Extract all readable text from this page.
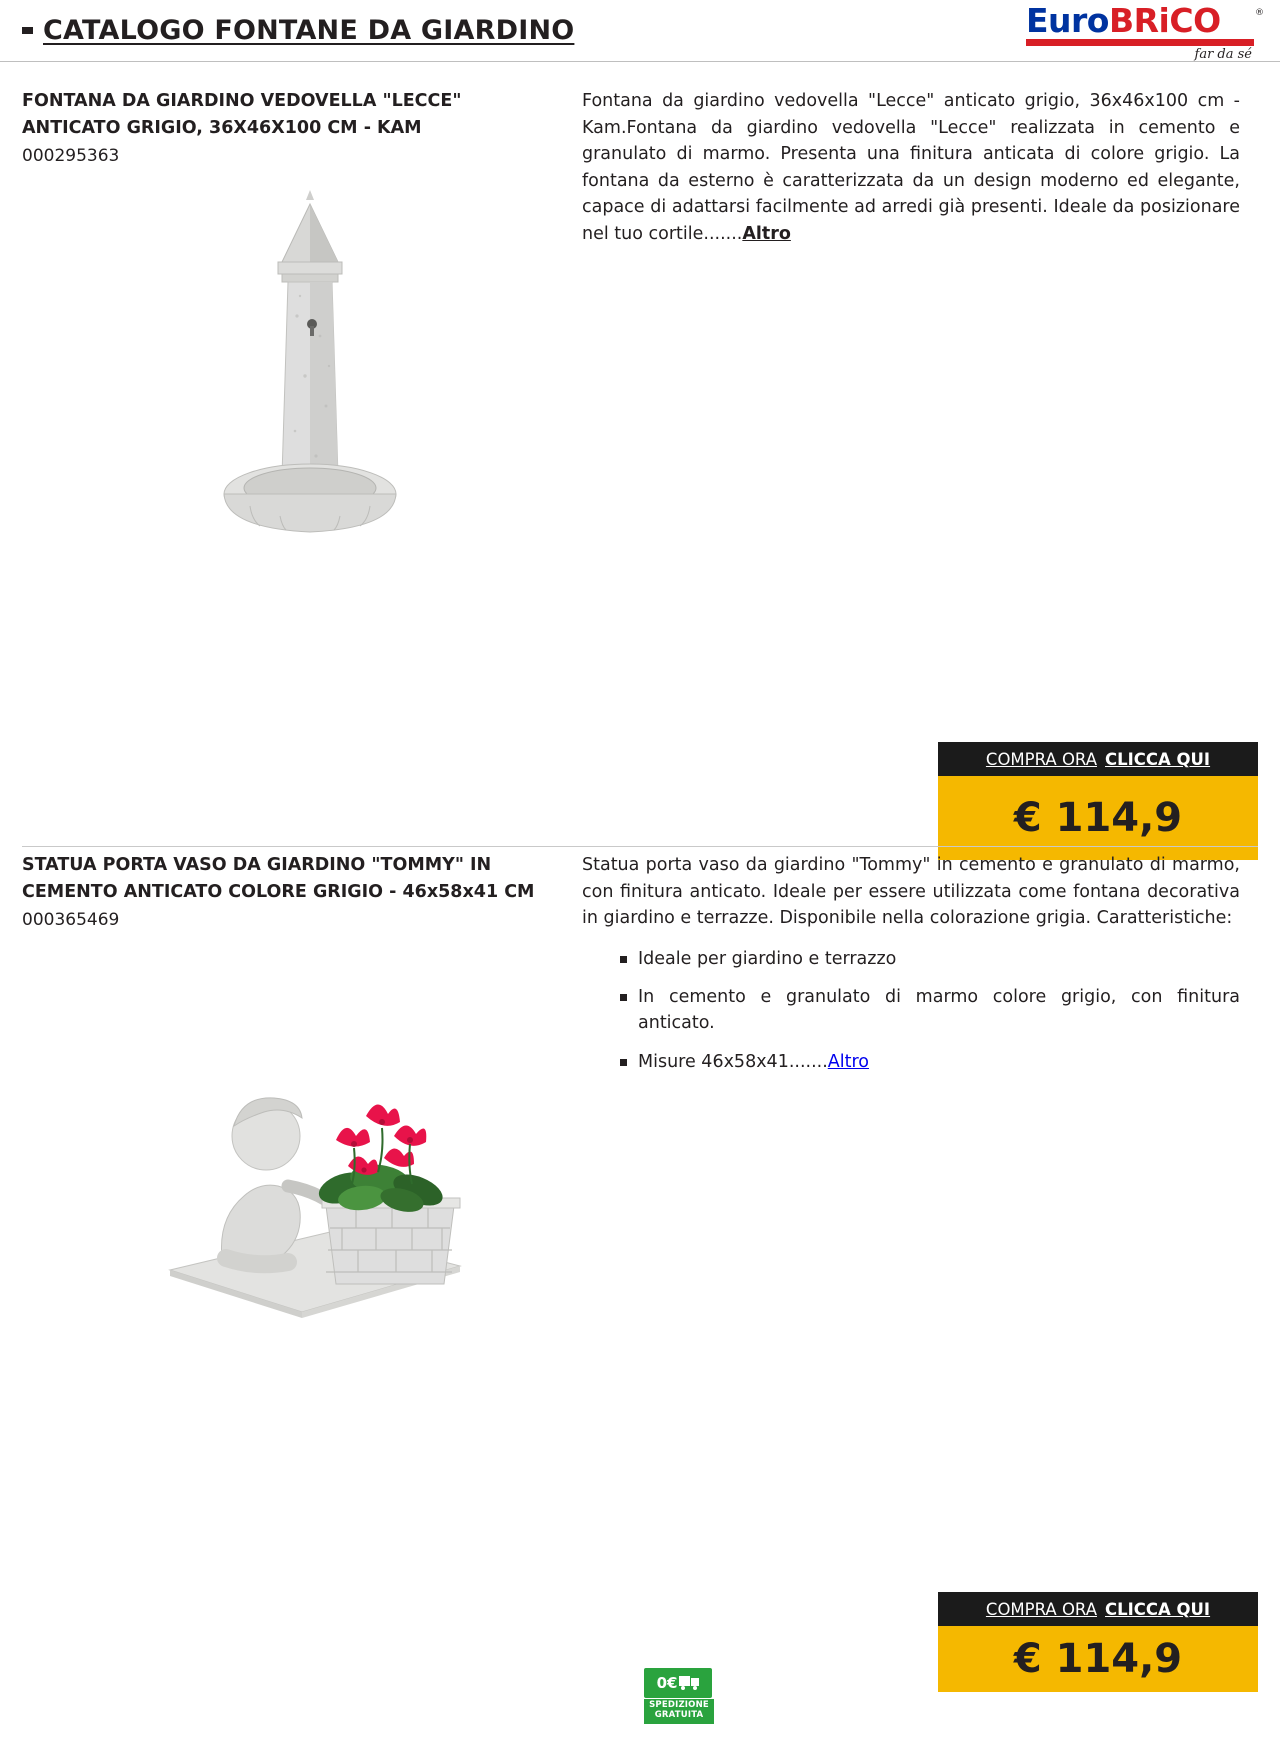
CATALOGO FONTANE DA GIARDINO	EuroBRiCO	®
far da sé
FONTANA DA GIARDINO VEDOVELLA "LECCE" ANTICATO GRIGIO, 36X46X100 CM - KAM
000295363

Fontana da giardino vedovella "Lecce" anticato grigio, 36x46x100 cm - Kam.Fontana da giardino vedovella "Lecce" realizzata in cemento e granulato di marmo. Presenta una finitura anticata di colore grigio. La fontana da esterno è caratterizzata da un design moderno ed elegante, capace di adattarsi facilmente ad arredi già presenti. Ideale da posizionare nel tuo cortile.......Altro

COMPRA ORA CLICCA QUI
€ 114,9
STATUA PORTA VASO DA GIARDINO "TOMMY" IN CEMENTO ANTICATO COLORE GRIGIO - 46x58x41 CM
000365469

Statua porta vaso da giardino "Tommy" in cemento e granulato di marmo, con finitura anticato. Ideale per essere utilizzata come fontana decorativa in giardino e terrazze. Disponibile nella colorazione grigia. Caratteristiche:

Ideale per giardino e terrazzo
In cemento e granulato di marmo colore grigio, con finitura anticato.
Misure 46x58x41.......Altro
0€
SPEDIZIONE
GRATUITA
COMPRA ORA CLICCA QUI
€ 114,9
